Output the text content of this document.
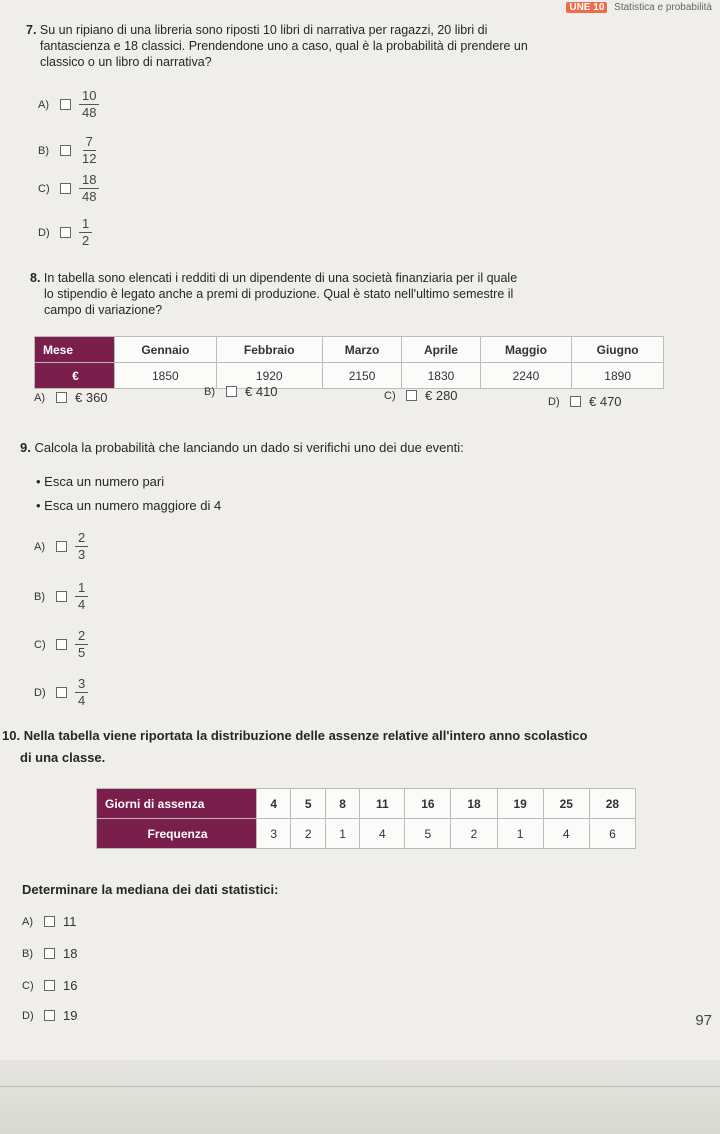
UNE 10 Statistica e probabilità
7. Su un ripiano di una libreria sono riposti 10 libri di narrativa per ragazzi, 20 libri di
fantascienza e 18 classici. Prendendone uno a caso, qual è la probabilità di prendere un
classico o un libro di narrativa?
A)	$\frac{10}{48}$
B)	$\frac{7}{12}$
C)	$\frac{18}{48}$
D)	$\frac{1}{2}$
8. In tabella sono elencati i redditi di un dipendente di una società finanziaria per il quale
lo stipendio è legato anche a premi di produzione. Qual è stato nell'ultimo semestre il
campo di variazione?
Mese	Gennaio	Febbraio	Marzo	Aprile	Maggio	Giugno
€	1850	1920	2150	1830	2240	1890
A)	€ 360	B)	€ 410	C)	€ 280	D)	€ 470
9. Calcola la probabilità che lanciando un dado si verifichi uno dei due eventi:
• Esca un numero pari
• Esca un numero maggiore di 4
A)	$\frac{2}{3}$
B)	$\frac{1}{4}$
C)	$\frac{2}{5}$
D)	$\frac{3}{4}$
10. Nella tabella viene riportata la distribuzione delle assenze relative all'intero anno scolastico
di una classe.
Giorni di assenza	4	5	8	11	16	18	19	25	28
Frequenza	3	2	1	4	5	2	1	4	6
Determinare la mediana dei dati statistici:
A)	11
B)	18
C)	16
D)	19	97
